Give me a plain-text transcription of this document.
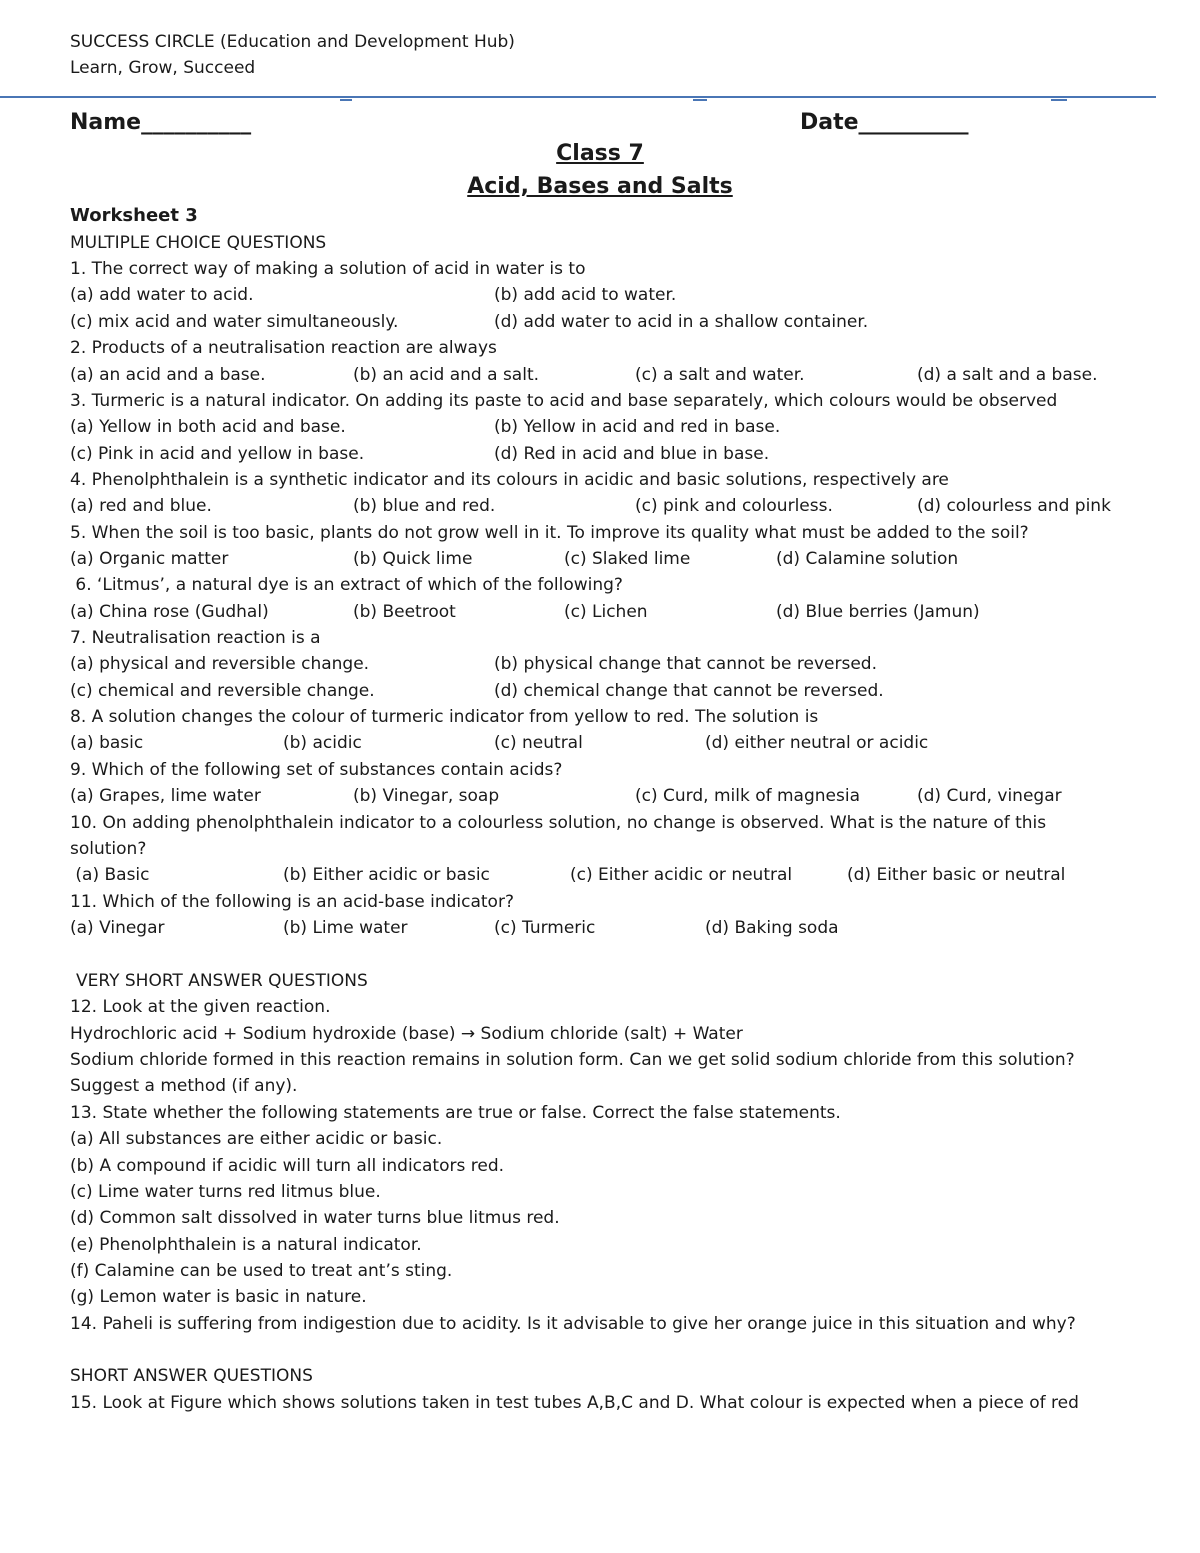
SUCCESS CIRCLE (Education and Development Hub)
Learn, Grow, Succeed
Name__________	Date__________
Class 7
Acid, Bases and Salts
Worksheet 3
MULTIPLE CHOICE QUESTIONS
1. The correct way of making a solution of acid in water is to
(a) add water to acid.	(b) add acid to water.
(c) mix acid and water simultaneously.	(d) add water to acid in a shallow container.
2. Products of a neutralisation reaction are always
(a) an acid and a base.	(b) an acid and a salt.	(c) a salt and water.	(d) a salt and a base.
3. Turmeric is a natural indicator. On adding its paste to acid and base separately, which colours would be observed
(a) Yellow in both acid and base.	(b) Yellow in acid and red in base.
(c) Pink in acid and yellow in base.	(d) Red in acid and blue in base.
4. Phenolphthalein is a synthetic indicator and its colours in acidic and basic solutions, respectively are
(a) red and blue.	(b) blue and red.	(c) pink and colourless.	(d) colourless and pink
5. When the soil is too basic, plants do not grow well in it. To improve its quality what must be added to the soil?
(a) Organic matter	(b) Quick lime	(c) Slaked lime	(d) Calamine solution
6. ‘Litmus’, a natural dye is an extract of which of the following?
(a) China rose (Gudhal)	(b) Beetroot	(c) Lichen	(d) Blue berries (Jamun)
7. Neutralisation reaction is a
(a) physical and reversible change.	(b) physical change that cannot be reversed.
(c) chemical and reversible change.	(d) chemical change that cannot be reversed.
8. A solution changes the colour of turmeric indicator from yellow to red. The solution is
(a) basic	(b) acidic	(c) neutral	(d) either neutral or acidic
9. Which of the following set of substances contain acids?
(a) Grapes, lime water	(b) Vinegar, soap	(c) Curd, milk of magnesia	(d) Curd, vinegar
10. On adding phenolphthalein indicator to a colourless solution, no change is observed. What is the nature of this
solution?
(a) Basic	(b) Either acidic or basic	(c) Either acidic or neutral	(d) Either basic or neutral
11. Which of the following is an acid-base indicator?
(a) Vinegar	(b) Lime water	(c) Turmeric	(d) Baking soda
VERY SHORT ANSWER QUESTIONS
12. Look at the given reaction.
Hydrochloric acid + Sodium hydroxide (base) → Sodium chloride (salt) + Water
Sodium chloride formed in this reaction remains in solution form. Can we get solid sodium chloride from this solution?
Suggest a method (if any).
13. State whether the following statements are true or false. Correct the false statements.
(a) All substances are either acidic or basic.
(b) A compound if acidic will turn all indicators red.
(c) Lime water turns red litmus blue.
(d) Common salt dissolved in water turns blue litmus red.
(e) Phenolphthalein is a natural indicator.
(f) Calamine can be used to treat ant’s sting.
(g) Lemon water is basic in nature.
14. Paheli is suffering from indigestion due to acidity. Is it advisable to give her orange juice in this situation and why?
SHORT ANSWER QUESTIONS
15. Look at Figure which shows solutions taken in test tubes A,B,C and D. What colour is expected when a piece of red
